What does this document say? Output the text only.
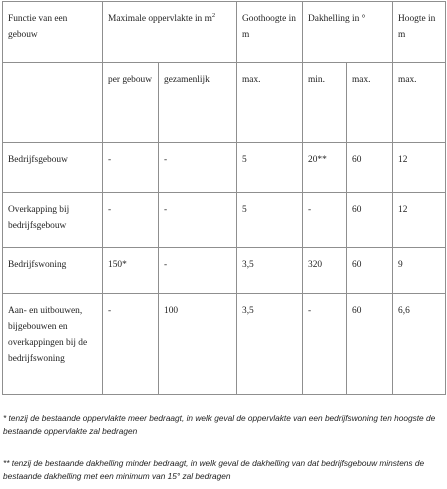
Functie van een gebouw	Maximale oppervlakte in $m^2$		Goothoogte in m	Dakhelling in °		Hoogte in m
	per gebouw	gezamenlijk	max.	min.	max.	max.
Bedrijfsgebouw	-	-	5	20**	60	12
Overkapping bij bedrijfsgebouw	-	-	5	-	60	12
Bedrijfswoning	150*	-	3,5	320	60	9
Aan- en uitbouwen, bijgebouwen en overkappingen bij de bedrijfswoning	-	100	3,5	-	60	6,6
* tenzij de bestaande oppervlakte meer bedraagt, in welk geval de oppervlakte van een bedrijfswoning ten hoogste de bestaande oppervlakte zal bedragen
** tenzij de bestaande dakhelling minder bedraagt, in welk geval de dakhelling van dat bedrijfsgebouw minstens de bestaande dakhelling met een minimum van 15° zal bedragen
